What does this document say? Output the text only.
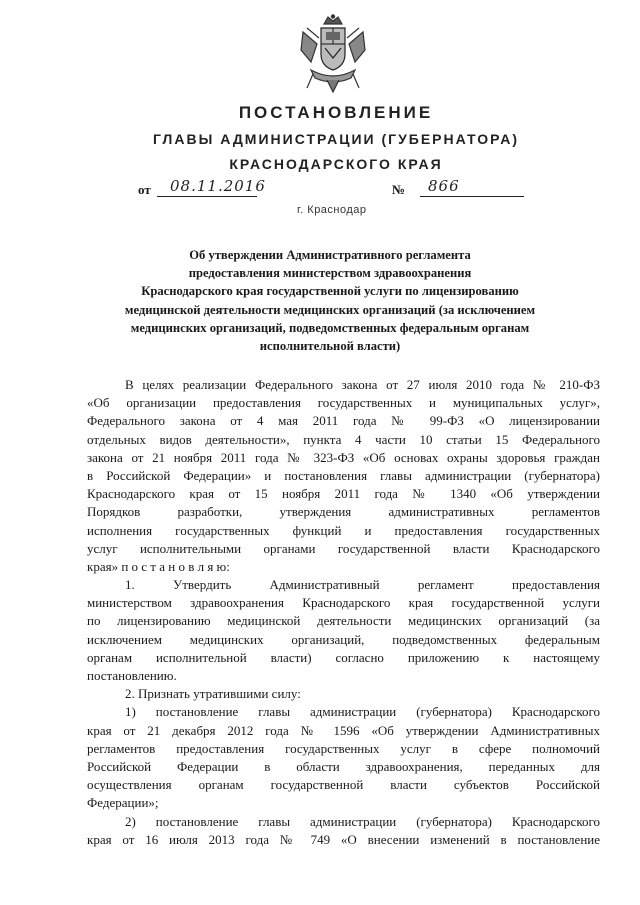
ПОСТАНОВЛЕНИЕ
ГЛАВЫ АДМИНИСТРАЦИИ (ГУБЕРНАТОРА)
КРАСНОДАРСКОГО КРАЯ
от 08.11.2016	№ 866
г. Краснодар
Об утверждении Административного регламента
предоставления министерством здравоохранения
Краснодарского края государственной услуги по лицензированию
медицинской деятельности медицинских организаций (за исключением
медицинских организаций, подведомственных федеральным органам
исполнительной власти)
В целях реализации Федерального закона от 27 июля 2010 года № 210-ФЗ
«Об организации предоставления государственных и муниципальных услуг»,
Федерального закона от 4 мая 2011 года № 99-ФЗ «О лицензировании
отдельных видов деятельности», пункта 4 части 10 статьи 15 Федерального
закона от 21 ноября 2011 года № 323-ФЗ «Об основах охраны здоровья граждан
в Российской Федерации» и постановления главы администрации (губернатора)
Краснодарского края от 15 ноября 2011 года № 1340 «Об утверждении
Порядков разработки, утверждения административных регламентов
исполнения государственных функций и предоставления государственных
услуг исполнительными органами государственной власти Краснодарского
края» п о с т а н о в л я ю:
1. Утвердить Административный регламент предоставления
министерством здравоохранения Краснодарского края государственной услуги
по лицензированию медицинской деятельности медицинских организаций (за
исключением медицинских организаций, подведомственных федеральным
органам исполнительной власти) согласно приложению к настоящему
постановлению.
2. Признать утратившими силу:
1) постановление главы администрации (губернатора) Краснодарского
края от 21 декабря 2012 года № 1596 «Об утверждении Административных
регламентов предоставления государственных услуг в сфере полномочий
Российской Федерации в области здравоохранения, переданных для
осуществления органам государственной власти субъектов Российской
Федерации»;
2) постановление главы администрации (губернатора) Краснодарского
края от 16 июля 2013 года № 749 «О внесении изменений в постановление
